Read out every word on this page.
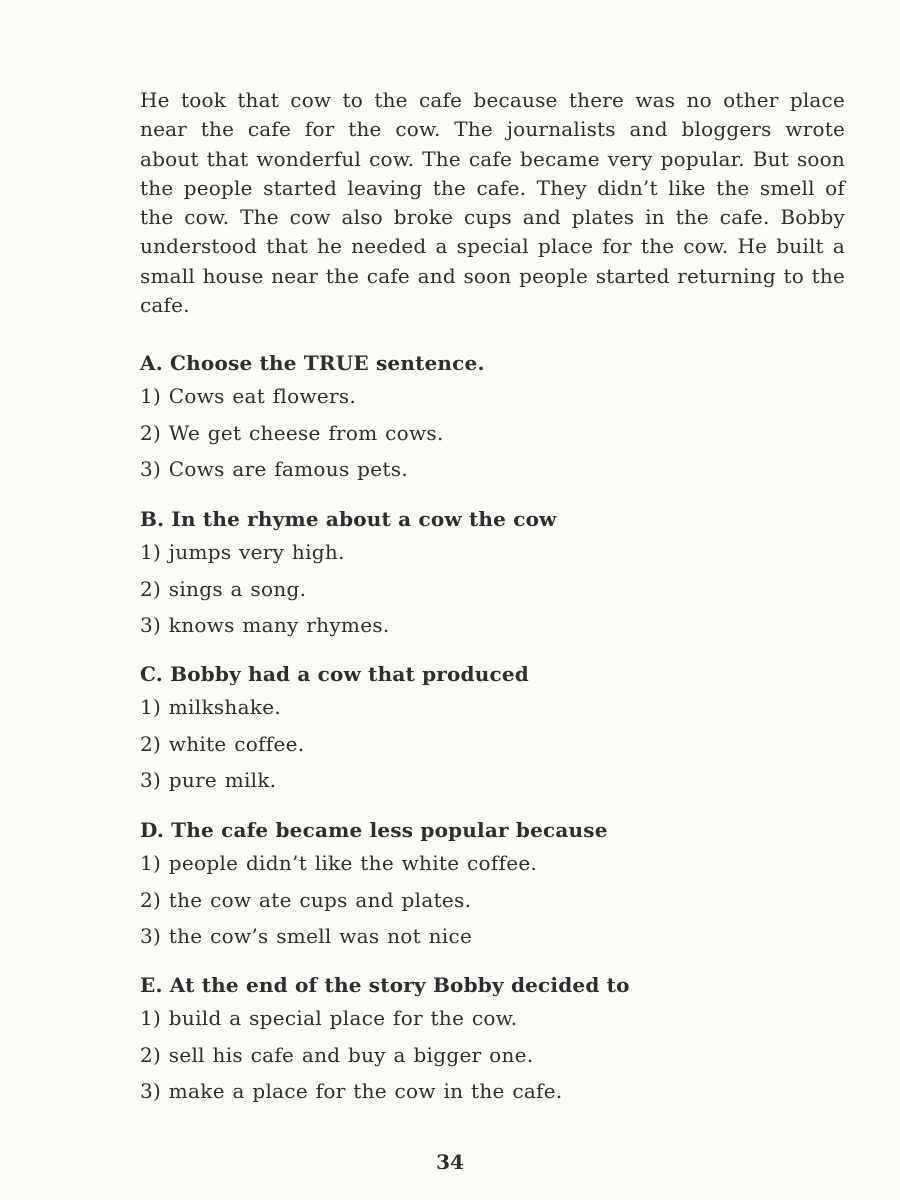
He took that cow to the cafe because there was no other place near the cafe for the cow. The journalists and bloggers wrote about that wonderful cow. The cafe became very popular. But soon the people started leaving the cafe. They didn’t like the smell of the cow. The cow also broke cups and plates in the cafe. Bobby understood that he needed a special place for the cow. He built a small house near the cafe and soon people started returning to the cafe.

A. Choose the TRUE sentence.
1) Cows eat flowers.
2) We get cheese from cows.
3) Cows are famous pets.
B. In the rhyme about a cow the cow
1) jumps very high.
2) sings a song.
3) knows many rhymes.
C. Bobby had a cow that produced
1) milkshake.
2) white coffee.
3) pure milk.
D. The cafe became less popular because
1) people didn’t like the white coffee.
2) the cow ate cups and plates.
3) the cow’s smell was not nice
E. At the end of the story Bobby decided to
1) build a special place for the cow.
2) sell his cafe and buy a bigger one.
3) make a place for the cow in the cafe.
34
